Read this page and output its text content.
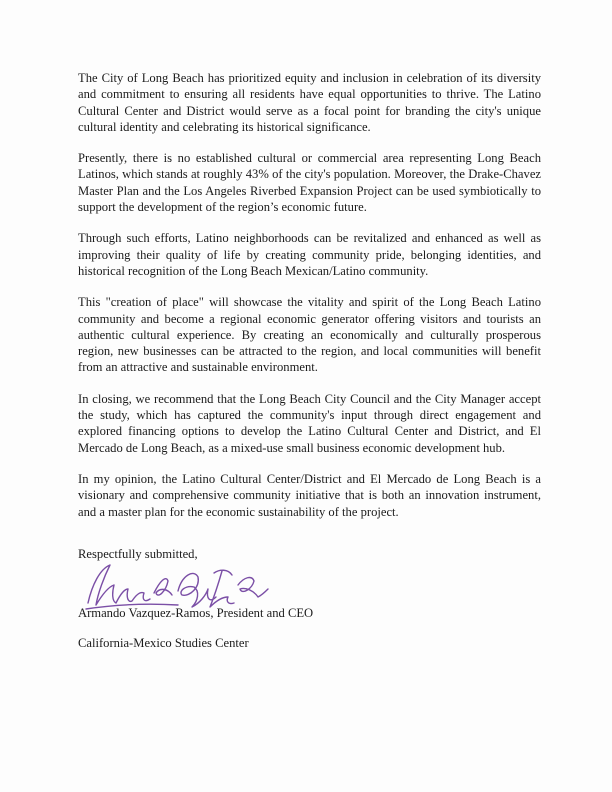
The City of Long Beach has prioritized equity and inclusion in celebration of its diversity and commitment to ensuring all residents have equal opportunities to thrive. The Latino Cultural Center and District would serve as a focal point for branding the city's unique cultural identity and celebrating its historical significance.

Presently, there is no established cultural or commercial area representing Long Beach Latinos, which stands at roughly 43% of the city's population. Moreover, the Drake-Chavez Master Plan and the Los Angeles Riverbed Expansion Project can be used symbiotically to support the development of the region’s economic future.

Through such efforts, Latino neighborhoods can be revitalized and enhanced as well as improving their quality of life by creating community pride, belonging identities, and historical recognition of the Long Beach Mexican/Latino community.

This "creation of place" will showcase the vitality and spirit of the Long Beach Latino community and become a regional economic generator offering visitors and tourists an authentic cultural experience. By creating an economically and culturally prosperous region, new businesses can be attracted to the region, and local communities will benefit from an attractive and sustainable environment.

In closing, we recommend that the Long Beach City Council and the City Manager accept the study, which has captured the community's input through direct engagement and explored financing options to develop the Latino Cultural Center and District, and El Mercado de Long Beach, as a mixed-use small business economic development hub.

In my opinion, the Latino Cultural Center/District and El Mercado de Long Beach is a visionary and comprehensive community initiative that is both an innovation instrument, and a master plan for the economic sustainability of the project.

Respectfully submitted,
Armando Vazquez-Ramos, President and CEO
California-Mexico Studies Center
